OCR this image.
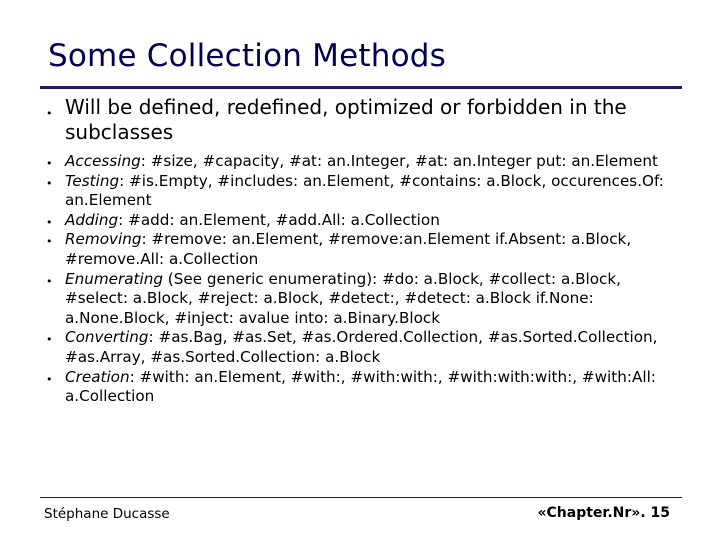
Some Collection Methods
• Will be defined, redefined, optimized or forbidden in the subclasses
• Accessing: #size, #capacity, #at: an.Integer, #at: an.Integer put: an.Element
• Testing: #is.Empty, #includes: an.Element, #contains: a.Block, occurences.Of: an.Element
• Adding: #add: an.Element, #add.All: a.Collection
• Removing: #remove: an.Element, #remove:an.Element if.Absent: a.Block, #remove.All: a.Collection
• Enumerating (See generic enumerating): #do: a.Block, #collect: a.Block, #select: a.Block, #reject: a.Block, #detect:, #detect: a.Block if.None: a.None.Block, #inject: avalue into: a.Binary.Block
• Converting: #as.Bag, #as.Set, #as.Ordered.Collection, #as.Sorted.Collection, #as.Array, #as.Sorted.Collection: a.Block
• Creation: #with: an.Element, #with:, #with:with:, #with:with:with:, #with:All: a.Collection
Stéphane Ducasse	«Chapter.Nr». 15
